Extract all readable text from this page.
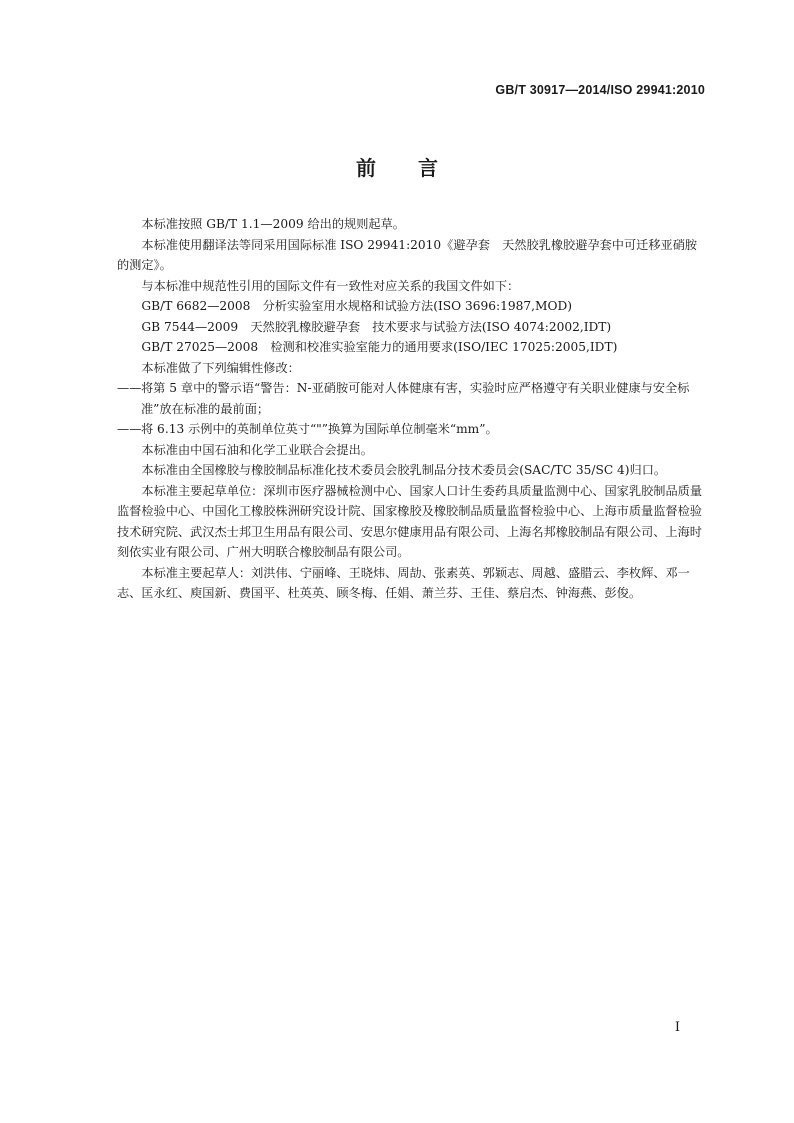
GB/T 30917—2014/ISO 29941:2010
前言

本标准按照 GB/T 1.1—2009 给出的规则起草。

本标准使用翻译法等同采用国际标准 ISO 29941:2010《避孕套　天然胶乳橡胶避孕套中可迁移亚硝胺的测定》。

与本标准中规范性引用的国际文件有一致性对应关系的我国文件如下：

GB/T 6682—2008　分析实验室用水规格和试验方法(ISO 3696:1987,MOD)

GB 7544—2009　天然胶乳橡胶避孕套　技术要求与试验方法(ISO 4074:2002,IDT)

GB/T 27025—2008　检测和校准实验室能力的通用要求(ISO/IEC 17025:2005,IDT)

本标准做了下列编辑性修改：

—— 将第 5 章中的警示语“警告：N-亚硝胺可能对人体健康有害，实验时应严格遵守有关职业健康与安全标准”放在标准的最前面；

—— 将 6.13 示例中的英制单位英寸“"”换算为国际单位制毫米“mm”。

本标准由中国石油和化学工业联合会提出。

本标准由全国橡胶与橡胶制品标准化技术委员会胶乳制品分技术委员会(SAC/TC 35/SC 4)归口。

本标准主要起草单位：深圳市医疗器械检测中心、国家人口计生委药具质量监测中心、国家乳胶制品质量监督检验中心、中国化工橡胶株洲研究设计院、国家橡胶及橡胶制品质量监督检验中心、上海市质量监督检验技术研究院、武汉杰士邦卫生用品有限公司、安思尔健康用品有限公司、上海名邦橡胶制品有限公司、上海时刻依实业有限公司、广州大明联合橡胶制品有限公司。

本标准主要起草人：刘洪伟、宁丽峰、王晓炜、周劼、张素英、郭颖志、周越、盛腊云、李枚辉、邓一志、匡永红、庾国新、费国平、杜英英、顾冬梅、任娟、萧兰芬、王佳、蔡启杰、钟海燕、彭俊。

I
